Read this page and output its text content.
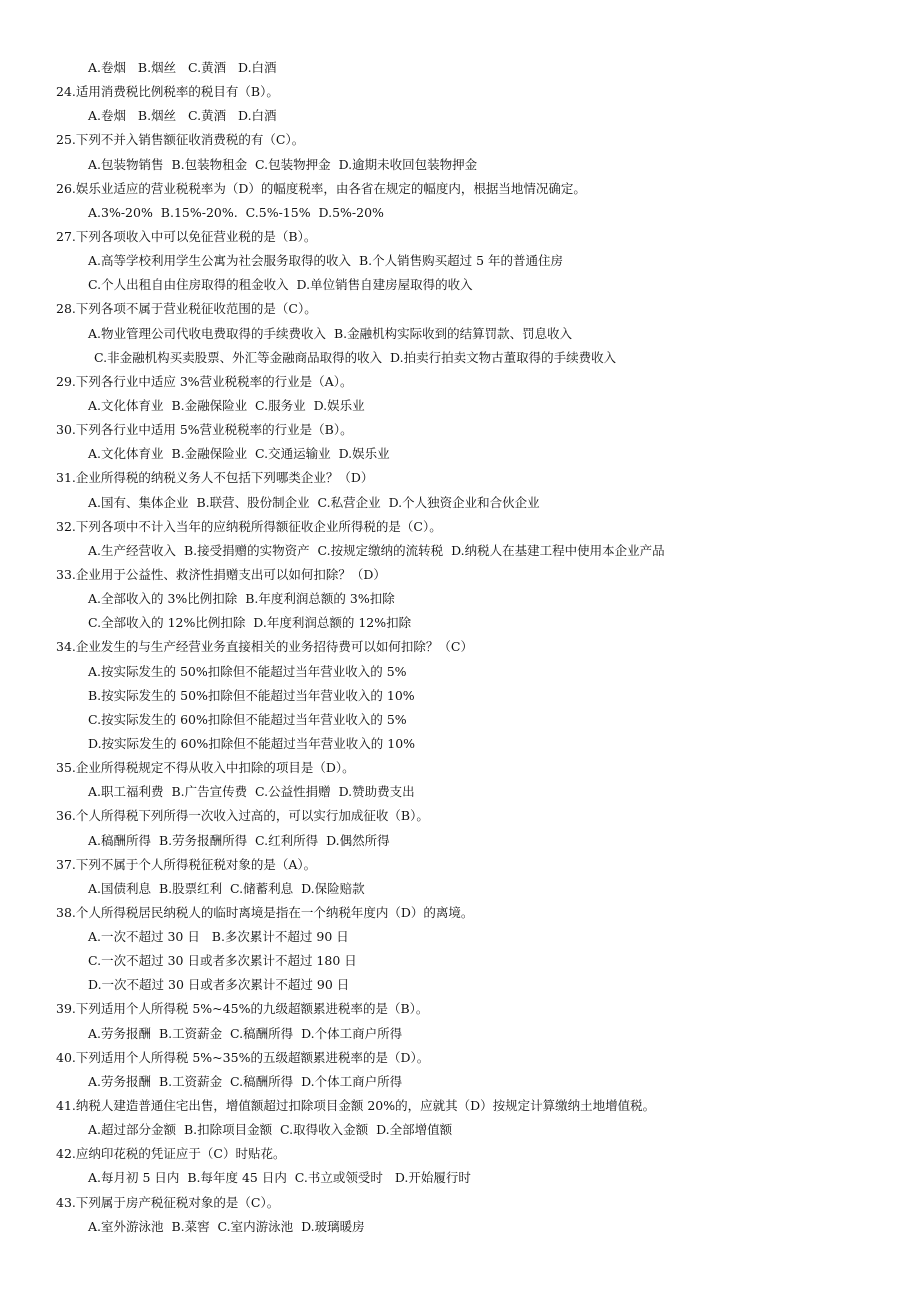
A.卷烟   B.烟丝   C.黄酒   D.白酒
24.适用消费税比例税率的税目有（B）。
A.卷烟   B.烟丝   C.黄酒   D.白酒
25.下列不并入销售额征收消费税的有（C）。
A.包装物销售  B.包装物租金  C.包装物押金  D.逾期未收回包装物押金
26.娱乐业适应的营业税税率为（D）的幅度税率，由各省在规定的幅度内，根据当地情况确定。
A.3%-20%  B.15%-20%.  C.5%-15%  D.5%-20%
27.下列各项收入中可以免征营业税的是（B）。
A.高等学校利用学生公寓为社会服务取得的收入  B.个人销售购买超过 5 年的普通住房
C.个人出租自由住房取得的租金收入  D.单位销售自建房屋取得的收入
28.下列各项不属于营业税征收范围的是（C）。
A.物业管理公司代收电费取得的手续费收入  B.金融机构实际收到的结算罚款、罚息收入
C.非金融机构买卖股票、外汇等金融商品取得的收入  D.拍卖行拍卖文物古董取得的手续费收入
29.下列各行业中适应 3%营业税税率的行业是（A）。
A.文化体育业  B.金融保险业  C.服务业  D.娱乐业
30.下列各行业中适用 5%营业税税率的行业是（B）。
A.文化体育业  B.金融保险业  C.交通运输业  D.娱乐业
31.企业所得税的纳税义务人不包括下列哪类企业？（D）
A.国有、集体企业  B.联营、股份制企业  C.私营企业  D.个人独资企业和合伙企业
32.下列各项中不计入当年的应纳税所得额征收企业所得税的是（C）。
A.生产经营收入  B.接受捐赠的实物资产  C.按规定缴纳的流转税  D.纳税人在基建工程中使用本企业产品
33.企业用于公益性、救济性捐赠支出可以如何扣除？（D）
A.全部收入的 3%比例扣除  B.年度利润总额的 3%扣除
C.全部收入的 12%比例扣除  D.年度利润总额的 12%扣除
34.企业发生的与生产经营业务直接相关的业务招待费可以如何扣除？（C）
A.按实际发生的 50%扣除但不能超过当年营业收入的 5%
B.按实际发生的 50%扣除但不能超过当年营业收入的 10%
C.按实际发生的 60%扣除但不能超过当年营业收入的 5%
D.按实际发生的 60%扣除但不能超过当年营业收入的 10%
35.企业所得税规定不得从收入中扣除的项目是（D）。
A.职工福利费  B.广告宣传费  C.公益性捐赠  D.赞助费支出
36.个人所得税下列所得一次收入过高的，可以实行加成征收（B）。
A.稿酬所得  B.劳务报酬所得  C.红利所得  D.偶然所得
37.下列不属于个人所得税征税对象的是（A）。
A.国债利息  B.股票红利  C.储蓄利息  D.保险赔款
38.个人所得税居民纳税人的临时离境是指在一个纳税年度内（D）的离境。
A.一次不超过 30 日   B.多次累计不超过 90 日
C.一次不超过 30 日或者多次累计不超过 180 日
D.一次不超过 30 日或者多次累计不超过 90 日
39.下列适用个人所得税 5%~45%的九级超额累进税率的是（B）。
A.劳务报酬  B.工资薪金  C.稿酬所得  D.个体工商户所得
40.下列适用个人所得税 5%~35%的五级超额累进税率的是（D）。
A.劳务报酬  B.工资薪金  C.稿酬所得  D.个体工商户所得
41.纳税人建造普通住宅出售，增值额超过扣除项目金额 20%的，应就其（D）按规定计算缴纳土地增值税。
A.超过部分金额  B.扣除项目金额  C.取得收入金额  D.全部增值额
42.应纳印花税的凭证应于（C）时贴花。
A.每月初 5 日内  B.每年度 45 日内  C.书立或领受时   D.开始履行时
43.下列属于房产税征税对象的是（C）。
A.室外游泳池  B.菜窖  C.室内游泳池  D.玻璃暖房
